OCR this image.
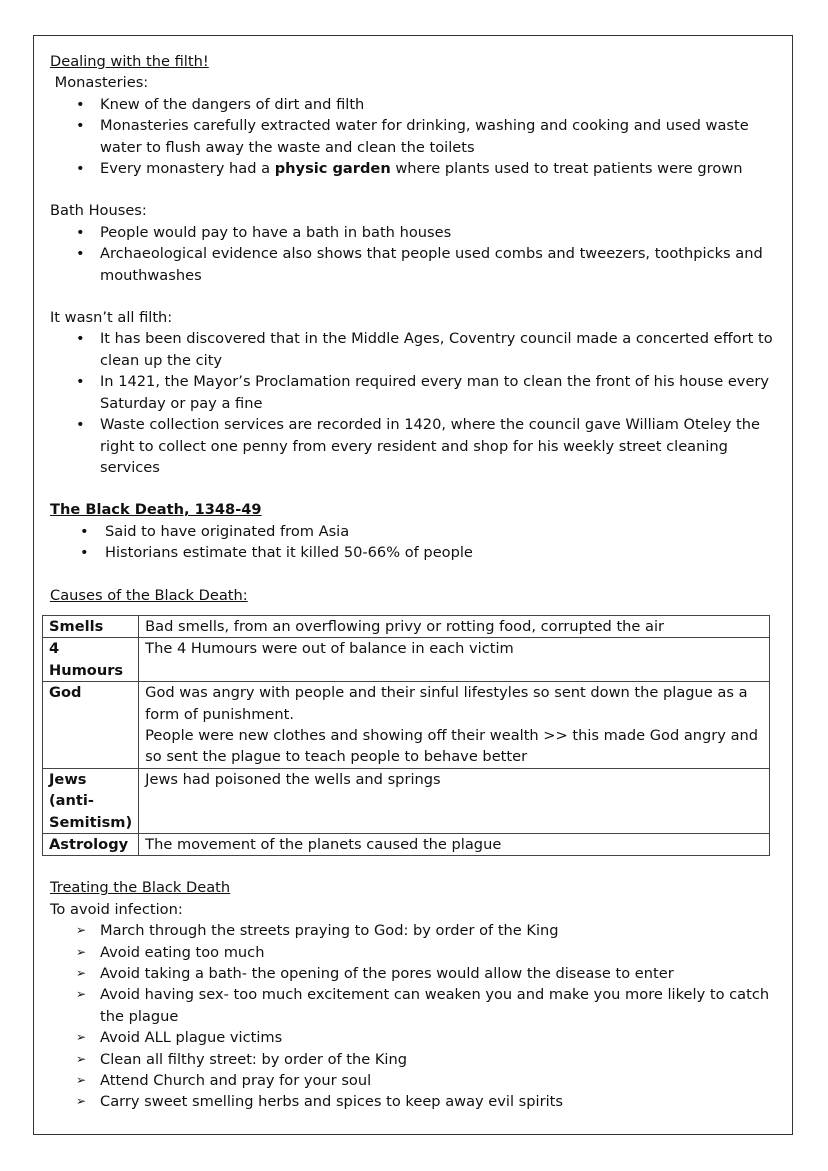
Dealing with the filth!
Monasteries:
• Knew of the dangers of dirt and filth
• Monasteries carefully extracted water for drinking, washing and cooking and used waste water to flush away the waste and clean the toilets
• Every monastery had a physic garden where plants used to treat patients were grown
Bath Houses:
• People would pay to have a bath in bath houses
• Archaeological evidence also shows that people used combs and tweezers, toothpicks and mouthwashes
It wasn’t all filth:
• It has been discovered that in the Middle Ages, Coventry council made a concerted effort to clean up the city
• In 1421, the Mayor’s Proclamation required every man to clean the front of his house every Saturday or pay a fine
• Waste collection services are recorded in 1420, where the council gave William Oteley the right to collect one penny from every resident and shop for his weekly street cleaning services
The Black Death, 1348-49
• Said to have originated from Asia
• Historians estimate that it killed 50-66% of people
Causes of the Black Death:
Smells	Bad smells, from an overflowing privy or rotting food, corrupted the air
4 Humours	The 4 Humours were out of balance in each victim
God	God was angry with people and their sinful lifestyles so sent down the plague as a form of punishment.
People were new clothes and showing off their wealth >> this made God angry and so sent the plague to teach people to behave better

Jews (anti-Semitism)	Jews had poisoned the wells and springs
Astrology	The movement of the planets caused the plague
Treating the Black Death
To avoid infection:
➢ March through the streets praying to God: by order of the King
➢ Avoid eating too much
➢ Avoid taking a bath- the opening of the pores would allow the disease to enter
➢ Avoid having sex- too much excitement can weaken you and make you more likely to catch the plague
➢ Avoid ALL plague victims
➢ Clean all filthy street: by order of the King
➢ Attend Church and pray for your soul
➢ Carry sweet smelling herbs and spices to keep away evil spirits
